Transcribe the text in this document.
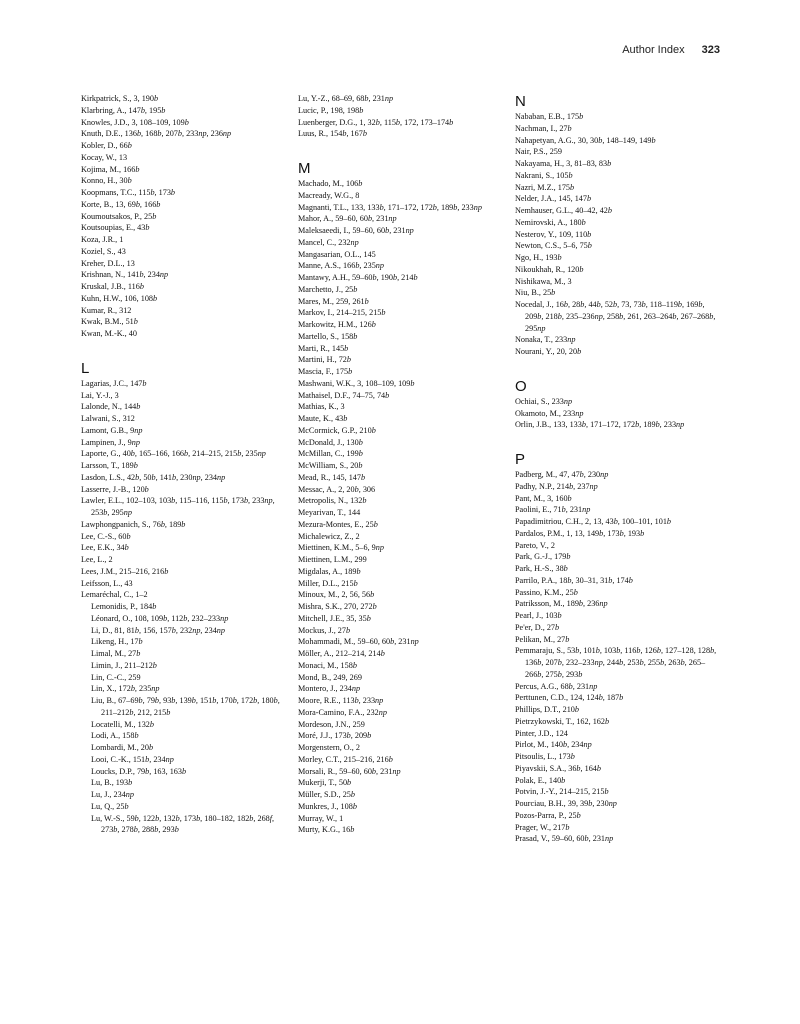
Author Index 323
Kirkpatrick, S., 3, 190b
Klarbring, A., 147b, 195b
Knowles, J.D., 3, 108–109, 109b
Knuth, D.E., 136b, 168b, 207b, 233np, 236np
Kobler, D., 66b
Kocay, W., 13
Kojima, M., 166b
Konno, H., 30b
Koopmans, T.C., 115b, 173b
Korte, B., 13, 69b, 166b
Koumoutsakos, P., 25b
Koutsoupias, E., 43b
Koza, J.R., 1
Koziel, S., 43
Kreher, D.L., 13
Krishnan, N., 141b, 234np
Kruskal, J.B., 116b
Kuhn, H.W., 106, 108b
Kumar, R., 312
Kwak, B.M., 51b
Kwan, M.-K., 40
L
Lagarias, J.C., 147b
Lai, Y.-J., 3
Lalonde, N., 144b
Lalwani, S., 312
Lamont, G.B., 9np
Lampinen, J., 9np
Laporte, G., 40b, 165–166, 166b, 214–215, 215b, 235np
Larsson, T., 189b
Lasdon, L.S., 42b, 50b, 141b, 230np, 234np
Lasserre, J.-B., 120b
Lawler, E.L., 102–103, 103b, 115–116, 115b, 173b, 233np, 253b, 295np
Lawphongpanich, S., 76b, 189b
Lee, C.-S., 60b
Lee, E.K., 34b
Lee, L., 2
Lees, J.M., 215–216, 216b
Leifsson, L., 43
Lemaréchal, C., 1–2
Lemonidis, P., 184b
Léonard, O., 108, 109b, 112b, 232–233np
Li, D., 81, 81b, 156, 157b, 232np, 234np
Likeng, H., 17b
Limal, M., 27b
Limin, J., 211–212b
Lin, C.-C., 259
Lin, X., 172b, 235np
Liu, B., 67–69b, 79b, 93b, 139b, 151b, 170b, 172b, 180b, 211–212b, 212, 215b
Locatelli, M., 132b
Lodi, A., 158b
Lombardi, M., 20b
Looi, C.-K., 151b, 234np
Loucks, D.P., 79b, 163, 163b
Lu, B., 193b
Lu, J., 234np
Lu, Q., 25b
Lu, W.-S., 59b, 122b, 132b, 173b, 180–182, 182b, 268f, 273b, 278b, 288b, 293b
Lu, Y.-Z., 68–69, 68b, 231np
Lucic, P., 198, 198b
Luenberger, D.G., 1, 32b, 115b, 172, 173–174b
Luus, R., 154b, 167b
M
Machado, M., 106b
Macready, W.G., 8
Magnanti, T.L., 133, 133b, 171–172, 172b, 189b, 233np
Mahor, A., 59–60, 60b, 231np
Maleksaeedi, I., 59–60, 60b, 231np
Mancel, C., 232np
Mangasarian, O.L., 145
Manne, A.S., 166b, 235np
Mantawy, A.H., 59–60b, 190b, 214b
Marchetto, J., 25b
Mares, M., 259, 261b
Markov, I., 214–215, 215b
Markowitz, H.M., 126b
Martello, S., 158b
Marti, R., 145b
Martini, H., 72b
Mascia, F., 175b
Mashwani, W.K., 3, 108–109, 109b
Mathaisel, D.F., 74–75, 74b
Mathias, K., 3
Maute, K., 43b
McCormick, G.P., 210b
McDonald, J., 130b
McMillan, C., 199b
McWilliam, S., 20b
Mead, R., 145, 147b
Messac, A., 2, 20b, 306
Metropolis, N., 132b
Meyarivan, T., 144
Mezura-Montes, E., 25b
Michalewicz, Z., 2
Miettinen, K.M., 5–6, 9np
Miettinen, L.M., 299
Migdalas, A., 189b
Miller, D.L., 215b
Minoux, M., 2, 56, 56b
Mishra, S.K., 270, 272b
Mitchell, J.E., 35, 35b
Mockus, J., 27b
Mohammadi, M., 59–60, 60b, 231np
Möller, A., 212–214, 214b
Monaci, M., 158b
Mond, B., 249, 269
Montero, J., 234np
Moore, R.E., 113b, 233np
Mora-Camino, F.A., 232np
Mordeson, J.N., 259
Moré, J.J., 173b, 209b
Morgenstern, O., 2
Morley, C.T., 215–216, 216b
Morsali, R., 59–60, 60b, 231np
Mukerji, T., 50b
Müller, S.D., 25b
Munkres, J., 108b
Murray, W., 1
Murty, K.G., 16b
N
Nababan, E.B., 175b
Nachman, I., 27b
Nahapetyan, A.G., 30, 30b, 148–149, 149b
Nair, P.S., 259
Nakayama, H., 3, 81–83, 83b
Nakrani, S., 105b
Nazri, M.Z., 175b
Nelder, J.A., 145, 147b
Nemhauser, G.L., 40–42, 42b
Nemirovski, A., 180b
Nesterov, Y., 109, 110b
Newton, C.S., 5–6, 75b
Ngo, H., 193b
Nikoukhah, R., 120b
Nishikawa, M., 3
Niu, B., 25b
Nocedal, J., 16b, 28b, 44b, 52b, 73, 73b, 118–119b, 169b, 209b, 218b, 235–236np, 258b, 261, 263–264b, 267–268b, 295np
Nonaka, T., 233np
Nourani, Y., 20, 20b
O
Ochiai, S., 233np
Okamoto, M., 233np
Orlin, J.B., 133, 133b, 171–172, 172b, 189b, 233np
P
Padberg, M., 47, 47b, 230np
Padhy, N.P., 214b, 237np
Pant, M., 3, 160b
Paolini, E., 71b, 231np
Papadimitriou, C.H., 2, 13, 43b, 100–101, 101b
Pardalos, P.M., 1, 13, 149b, 173b, 193b
Pareto, V., 2
Park, G.-J., 179b
Park, H.-S., 38b
Parrilo, P.A., 18b, 30–31, 31b, 174b
Passino, K.M., 25b
Patriksson, M., 189b, 236np
Pearl, J., 103b
Pe'er, D., 27b
Pelikan, M., 27b
Pemmaraju, S., 53b, 101b, 103b, 116b, 126b, 127–128, 128b, 136b, 207b, 232–233np, 244b, 253b, 255b, 263b, 265–266b, 275b, 293b
Percus, A.G., 68b, 231np
Perttunen, C.D., 124, 124b, 187b
Phillips, D.T., 210b
Pietrzykowski, T., 162, 162b
Pinter, J.D., 124
Pirlot, M., 140b, 234np
Pitsoulis, L., 173b
Piyavskii, S.A., 36b, 164b
Polak, E., 140b
Potvin, J.-Y., 214–215, 215b
Pourciau, B.H., 39, 39b, 230np
Pozos-Parra, P., 25b
Prager, W., 217b
Prasad, V., 59–60, 60b, 231np
